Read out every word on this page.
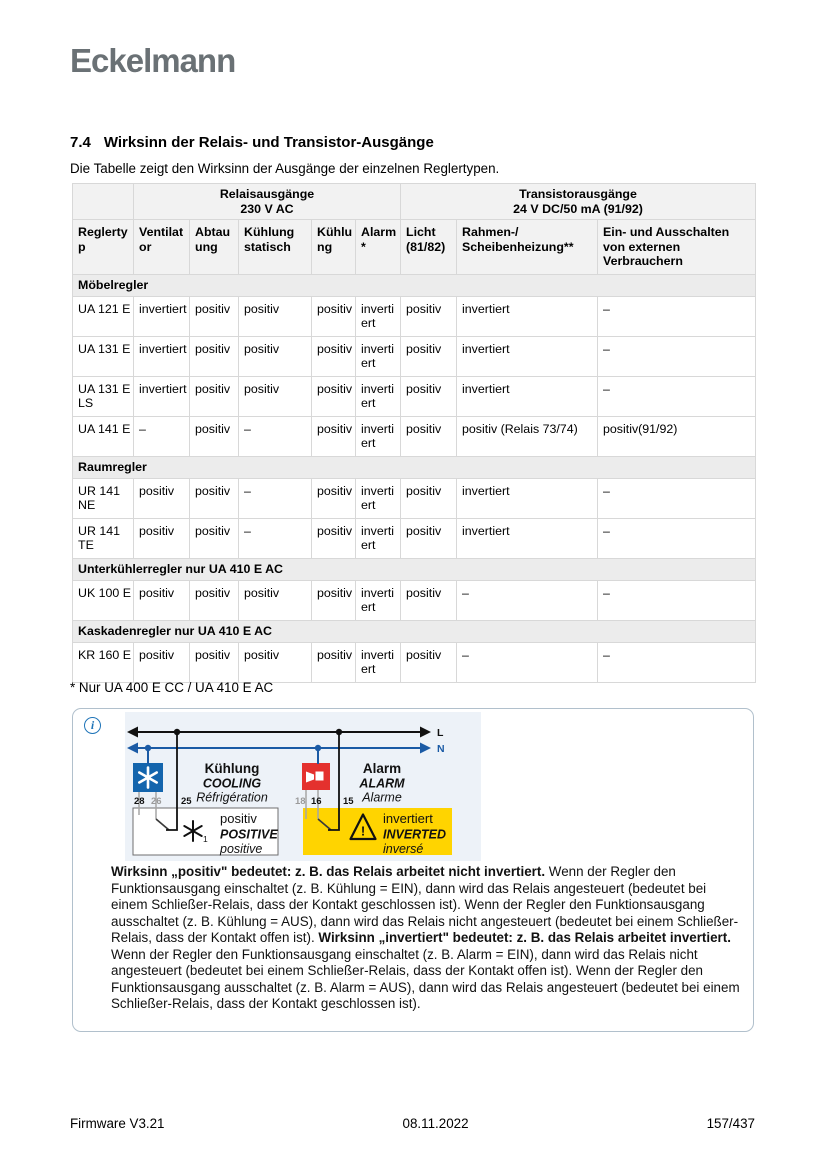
Eckelmann
7.4 Wirksinn der Relais- und Transistor-Ausgänge

Die Tabelle zeigt den Wirksinn der Ausgänge der einzelnen Reglertypen.

Relaisausgänge
230 V AC

Transistorausgänge
24 V DC/50 mA (91/92)

Reglertyp	Ventilator	Abtauung	Kühlung statisch	Kühlung	Alarm*	Licht (81/82)	Rahmen-/ Scheibenheizung**	Ein- und Ausschalten von externen Verbrauchern
Möbelregler								
UA 121 E	invertiert	positiv	positiv	positiv	invertiert	positiv	invertiert	–
UA 131 E	invertiert	positiv	positiv	positiv	invertiert	positiv	invertiert	–
UA 131 E LS	invertiert	positiv	positiv	positiv	invertiert	positiv	invertiert	–
UA 141 E	–	positiv	–	positiv	invertiert	positiv	positiv (Relais 73/74)	positiv(91/92)
Raumregler								
UR 141 NE	positiv	positiv	–	positiv	invertiert	positiv	invertiert	–
UR 141 TE	positiv	positiv	–	positiv	invertiert	positiv	invertiert	–
Unterkühlerregler nur UA 410 E AC								
UK 100 E	positiv	positiv	positiv	positiv	invertiert	positiv	–	–
Kaskadenregler nur UA 410 E AC								
KR 160 E	positiv	positiv	positiv	positiv	invertiert	positiv	–	–

* Nur UA 400 E CC / UA 410 E AC

i
1
!
L
N
28 26 25	18 16 15
Kühlung
COOLING
Réfrigération
Alarm
ALARM
Alarme
positiv
POSITIVE
positive
invertiert
INVERTED
inversé

Wirksinn „positiv" bedeutet: z. B. das Relais arbeitet nicht invertiert. Wenn der Regler den Funktionsausgang einschaltet (z. B. Kühlung = EIN), dann wird das Relais angesteuert (bedeutet bei einem Schließer-Relais, dass der Kontakt geschlossen ist). Wenn der Regler den Funktionsausgang ausschaltet (z. B. Kühlung = AUS), dann wird das Relais nicht angesteuert (bedeutet bei einem Schließer-Relais, dass der Kontakt offen ist). Wirksinn „invertiert" bedeutet: z. B. das Relais arbeitet invertiert. Wenn der Regler den Funktionsausgang einschaltet (z. B. Alarm = EIN), dann wird das Relais nicht angesteuert (bedeutet bei einem Schließer-Relais, dass der Kontakt offen ist). Wenn der Regler den Funktionsausgang ausschaltet (z. B. Alarm = AUS), dann wird das Relais angesteuert (bedeutet bei einem Schließer-Relais, dass der Kontakt geschlossen ist).

Firmware V3.21	08.11.2022	157/437
